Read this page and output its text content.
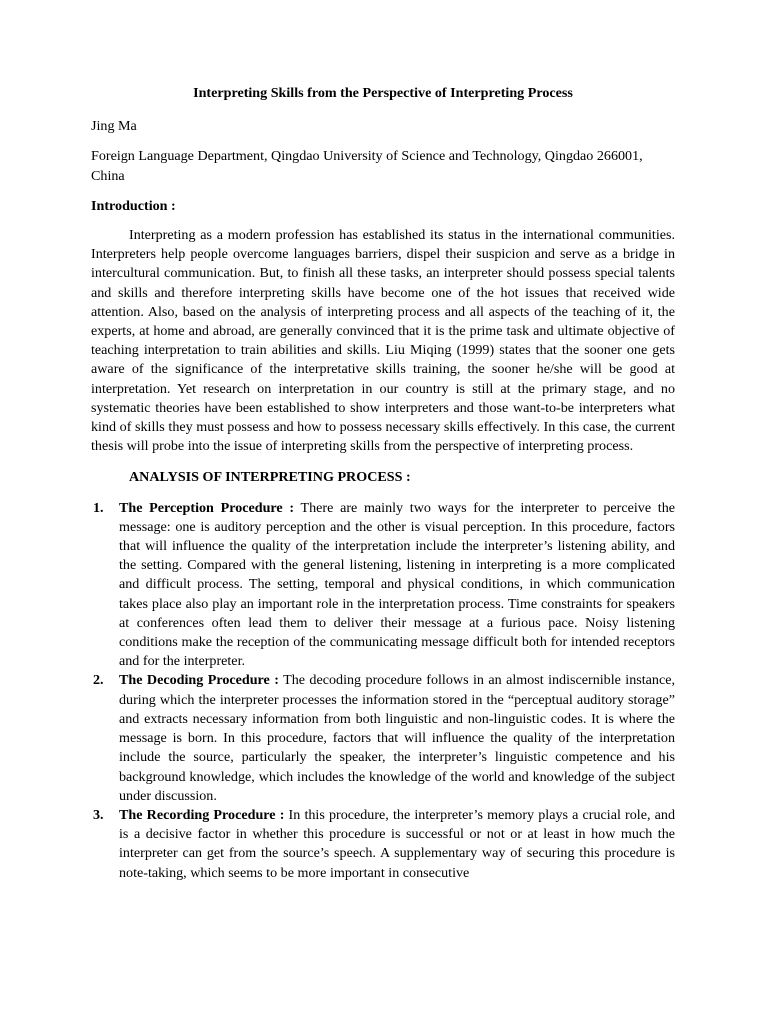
Interpreting Skills from the Perspective of Interpreting Process

Jing Ma

Foreign Language Department, Qingdao University of Science and Technology, Qingdao 266001, China

Introduction :

Interpreting as a modern profession has established its status in the international communities. Interpreters help people overcome languages barriers, dispel their suspicion and serve as a bridge in intercultural communication. But, to finish all these tasks, an interpreter should possess special talents and skills and therefore interpreting skills have become one of the hot issues that received wide attention. Also, based on the analysis of interpreting process and all aspects of the teaching of it, the experts, at home and abroad, are generally convinced that it is the prime task and ultimate objective of teaching interpretation to train abilities and skills. Liu Miqing (1999) states that the sooner one gets aware of the significance of the interpretative skills training, the sooner he/she will be good at interpretation. Yet research on interpretation in our country is still at the primary stage, and no systematic theories have been established to show interpreters and those want-to-be interpreters what kind of skills they must possess and how to possess necessary skills effectively. In this case, the current thesis will probe into the issue of interpreting skills from the perspective of interpreting process.

ANALYSIS OF INTERPRETING PROCESS :

1. The Perception Procedure : There are mainly two ways for the interpreter to perceive the message: one is auditory perception and the other is visual perception. In this procedure, factors that will influence the quality of the interpretation include the interpreter’s listening ability, and the setting. Compared with the general listening, listening in interpreting is a more complicated and difficult process. The setting, temporal and physical conditions, in which communication takes place also play an important role in the interpretation process. Time constraints for speakers at conferences often lead them to deliver their message at a furious pace. Noisy listening conditions make the reception of the communicating message difficult both for intended receptors and for the interpreter.
2. The Decoding Procedure : The decoding procedure follows in an almost indiscernible instance, during which the interpreter processes the information stored in the “perceptual auditory storage” and extracts necessary information from both linguistic and non-linguistic codes. It is where the message is born. In this procedure, factors that will influence the quality of the interpretation include the source, particularly the speaker, the interpreter’s linguistic competence and his background knowledge, which includes the knowledge of the world and knowledge of the subject under discussion.
3. The Recording Procedure : In this procedure, the interpreter’s memory plays a crucial role, and is a decisive factor in whether this procedure is successful or not or at least in how much the interpreter can get from the source’s speech. A supplementary way of securing this procedure is note-taking, which seems to be more important in consecutive
